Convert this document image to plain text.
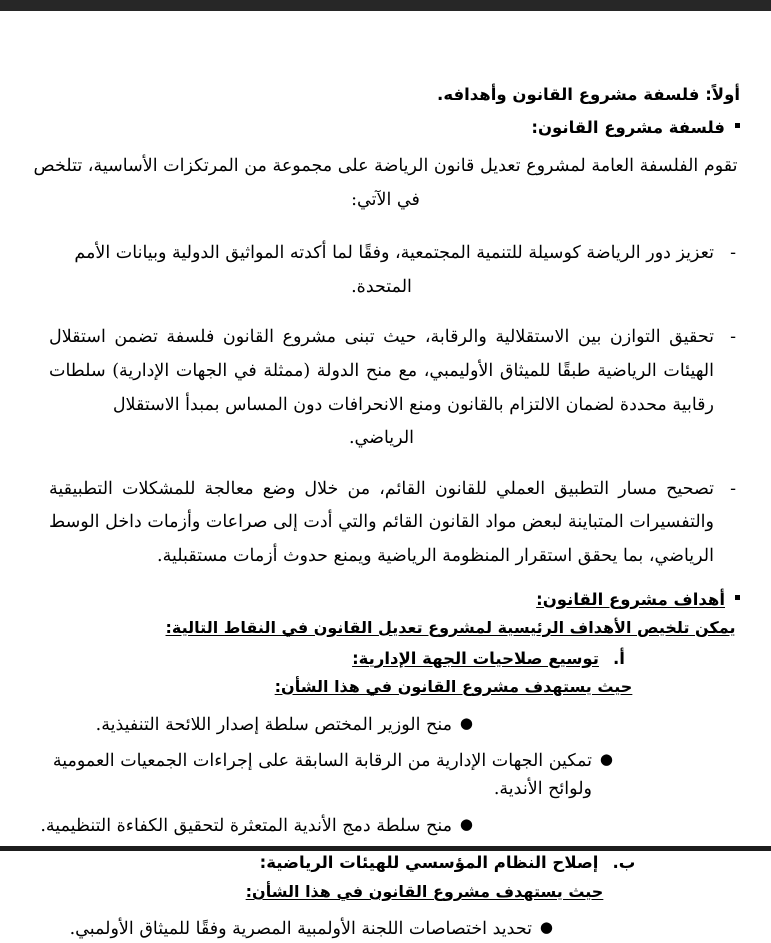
أولاً: فلسفة مشروع القانون وأهدافه.
فلسفة مشروع القانون:
تقوم الفلسفة العامة لمشروع تعديل قانون الرياضة على مجموعة من المرتكزات الأساسية، تتلخص
في الآتي:
-
تعزيز دور الرياضة كوسيلة للتنمية المجتمعية، وفقًا لما أكدته المواثيق الدولية وبيانات الأمم
المتحدة.
-
تحقيق التوازن بين الاستقلالية والرقابة، حيث تبنى مشروع القانون فلسفة تضمن استقلال الهيئات الرياضية طبقًا للميثاق الأوليمبي، مع منح الدولة (ممثلة في الجهات الإدارية) سلطات رقابية محددة لضمان الالتزام بالقانون ومنع الانحرافات دون المساس بمبدأ الاستقلال
الرياضي.
-
تصحيح مسار التطبيق العملي للقانون القائم، من خلال وضع معالجة للمشكلات التطبيقية والتفسيرات المتباينة لبعض مواد القانون القائم والتي أدت إلى صراعات وأزمات داخل الوسط الرياضي، بما يحقق استقرار المنظومة الرياضية ويمنع حدوث أزمات مستقبلية.
أهداف مشروع القانون:
يمكن تلخيص الأهداف الرئيسية لمشروع تعديل القانون في النقاط التالية:
أ.توسيع صلاحيات الجهة الإدارية:
حيث يستهدف مشروع القانون في هذا الشأن:
●
منح الوزير المختص سلطة إصدار اللائحة التنفيذية.
●
تمكين الجهات الإدارية من الرقابة السابقة على إجراءات الجمعيات العمومية ولوائح الأندية.
●
منح سلطة دمج الأندية المتعثرة لتحقيق الكفاءة التنظيمية.
ب.إصلاح النظام المؤسسي للهيئات الرياضية:
حيث يستهدف مشروع القانون في هذا الشأن:
●
تحديد اختصاصات اللجنة الأولمبية المصرية وفقًا للميثاق الأولمبي.
